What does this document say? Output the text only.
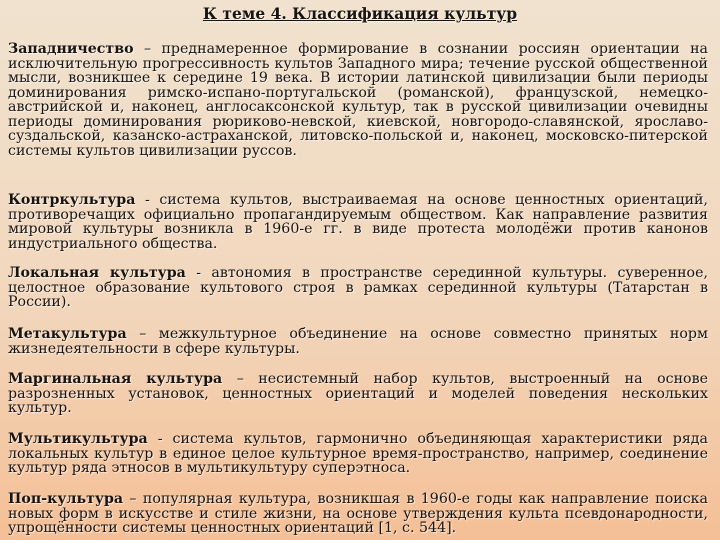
К теме 4. Классификация культур
Западничество – преднамеренное формирование в сознании россиян ориентации на исключительную прогрессивность культов Западного мира; течение русской общественной мысли, возникшее к середине 19 века. В истории латинской цивилизации были периоды доминирования римско-испано-португальской (романской), французской, немецко-австрийской и, наконец, англосаксонской культур, так в русской цивилизации очевидны периоды доминирования рюриково-невской, киевской, новгородо-славянской, ярославо-суздальской, казанско-астраханской, литовско-польской и, наконец, московско-питерской системы культов цивилизации руссов.
Контркультура - система культов, выстраиваемая на основе ценностных ориентаций, противоречащих официально пропагандируемым обществом. Как направление развития мировой культуры возникла в 1960-е гг. в виде протеста молодёжи против канонов индустриального общества.
Локальная культура - автономия в пространстве серединной культуры. суверенное, целостное образование культового строя в рамках серединной культуры (Татарстан в России).
Метакультура – межкультурное объединение на основе совместно принятых норм жизнедеятельности в сфере культуры.
Маргинальная культура – несистемный набор культов, выстроенный на основе разрозненных установок, ценностных ориентаций и моделей поведения нескольких культур.
Мультикультура - система культов, гармонично объединяющая характеристики ряда локальных культур в единое целое культурное время-пространство, например, соединение культур ряда этносов в мультикультуру суперэтноса.
Поп-культура – популярная культура, возникшая в 1960-е годы как направление поиска новых форм в искусстве и стиле жизни, на основе утверждения культа псевдонародности, упрощённости системы ценностных ориентаций [1, с. 544].
